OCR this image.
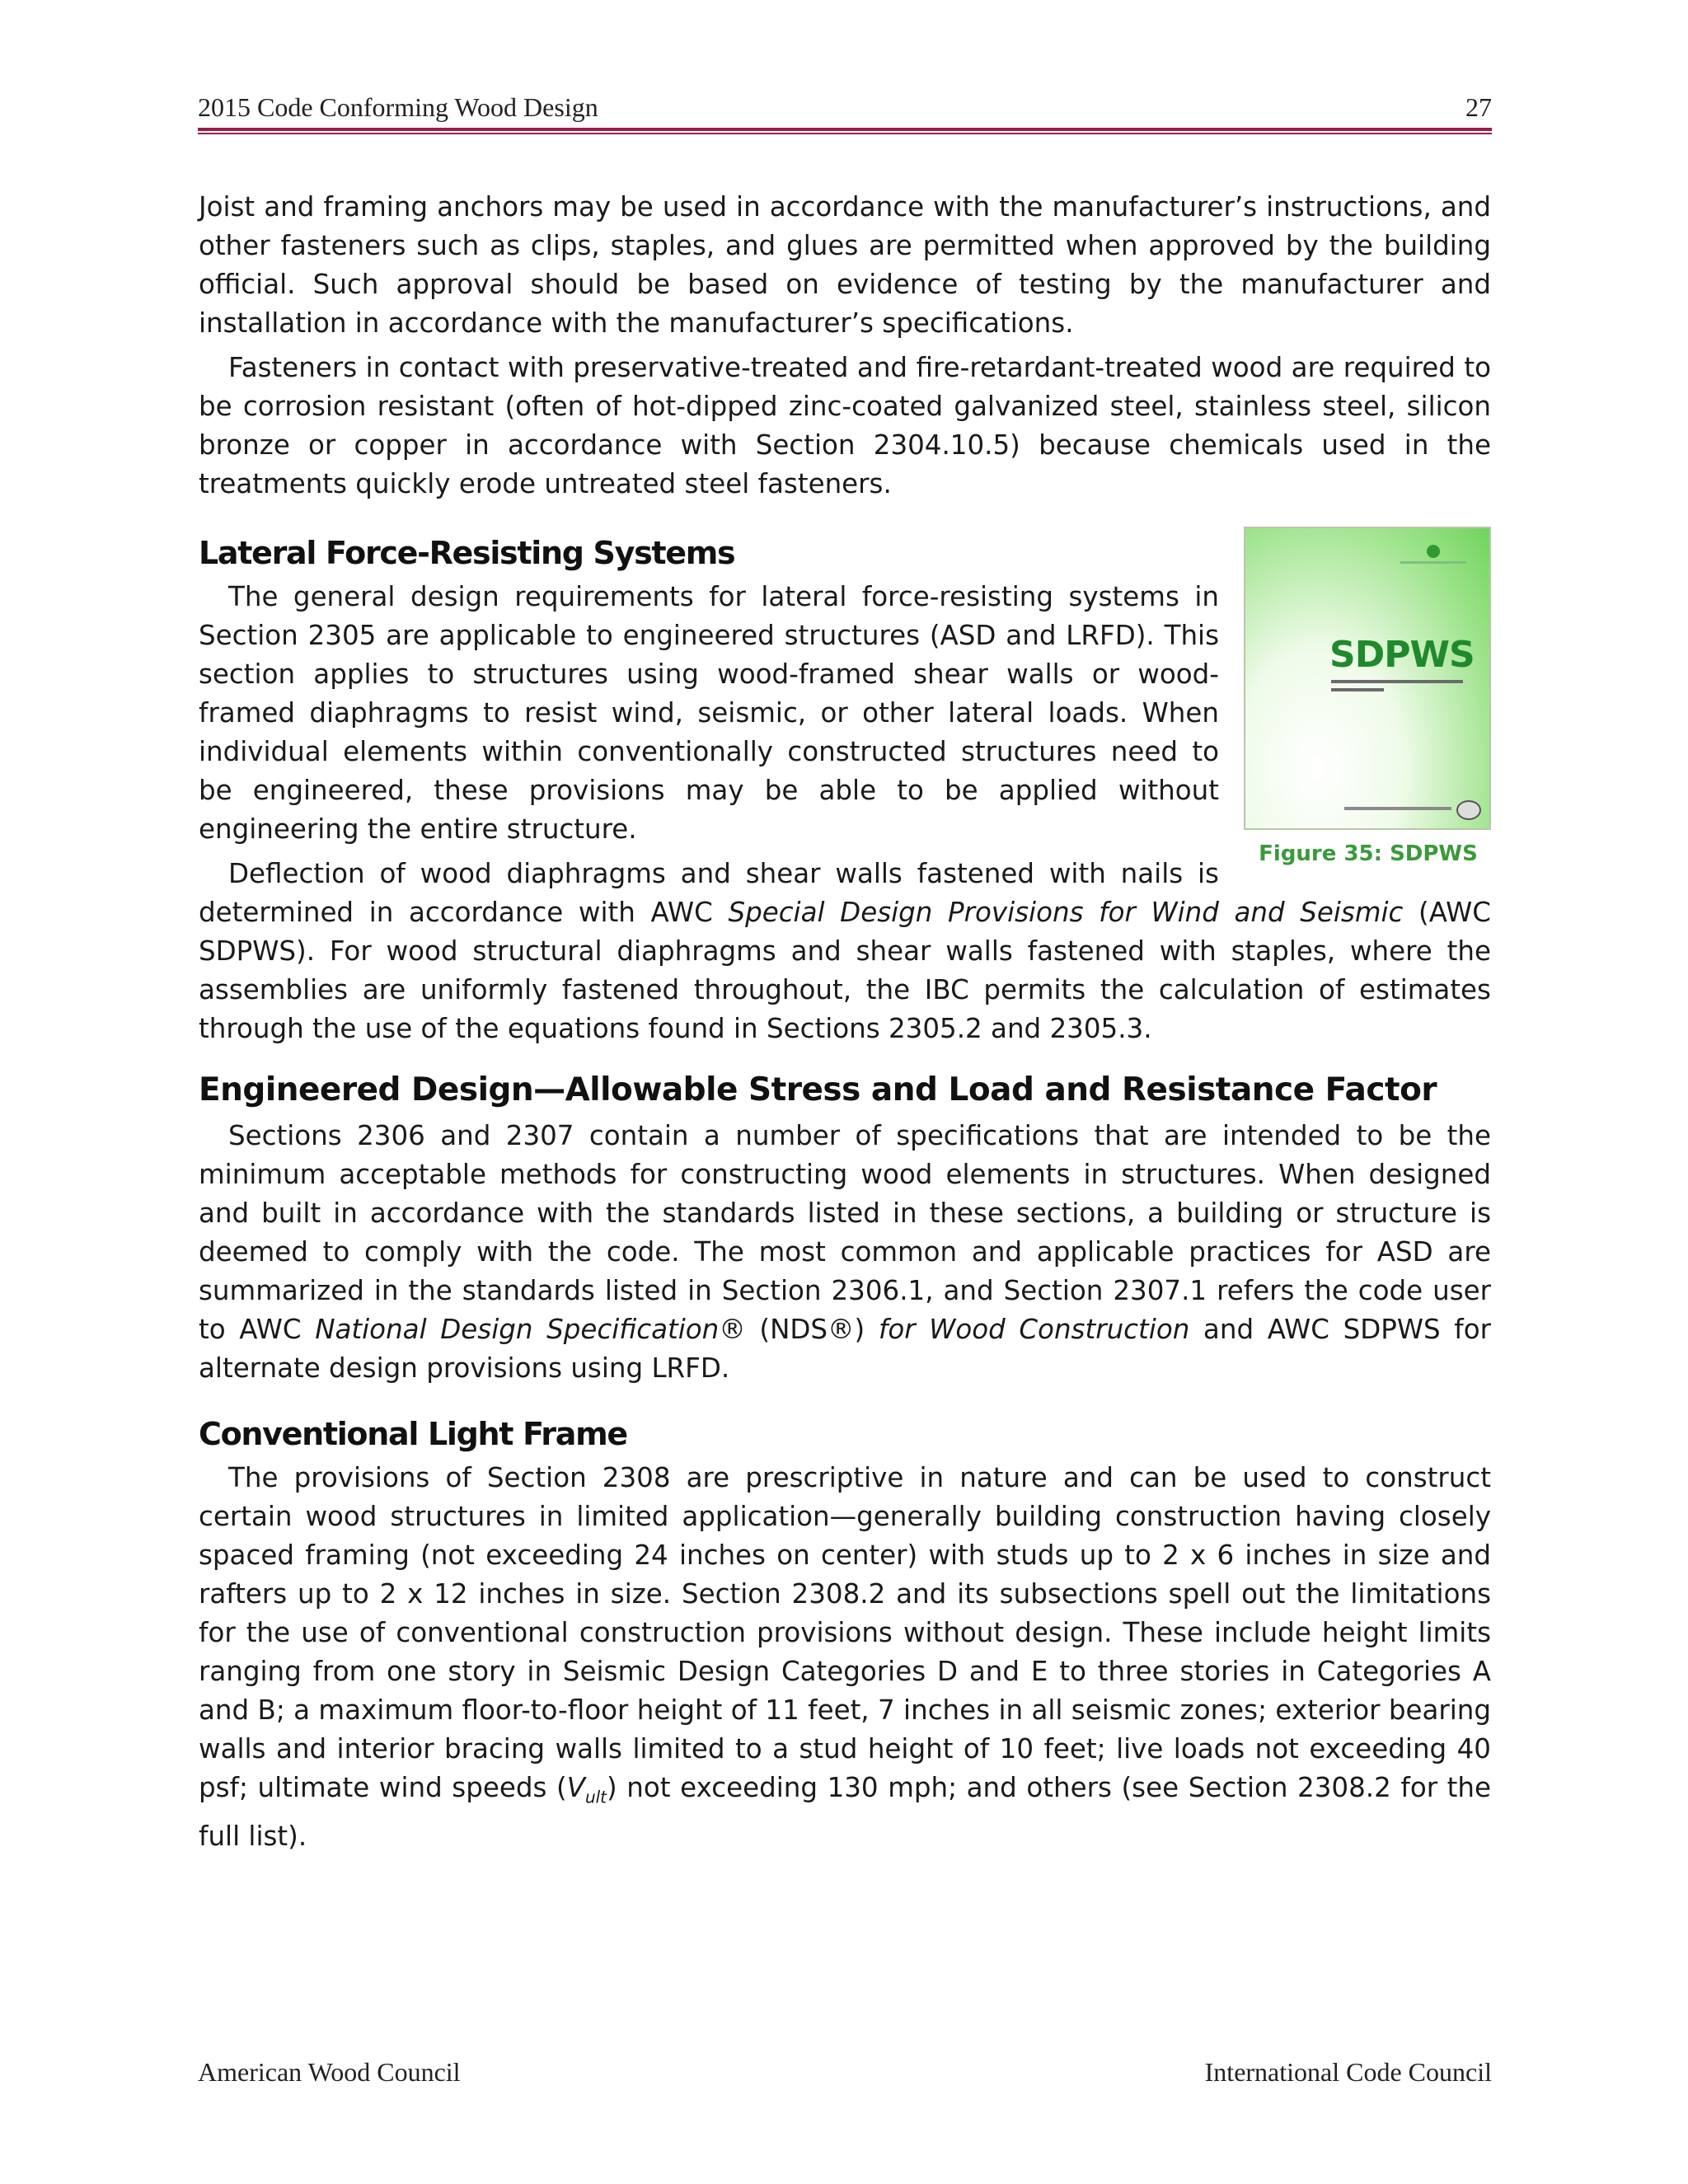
2015 Code Conforming Wood Design	27

Joist and framing anchors may be used in accordance with the manufacturer’s instructions, and other fasteners such as clips, staples, and glues are permitted when approved by the building official. Such approval should be based on evidence of testing by the manufacturer and installation in accordance with the manufacturer’s specifications.

Fasteners in contact with preservative-treated and fire-retardant-treated wood are required to be corrosion resistant (often of hot-dipped zinc-coated galvanized steel, stainless steel, silicon bronze or copper in accordance with Section 2304.10.5) because chemicals used in the treatments quickly erode untreated steel fasteners.

Lateral Force-Resisting Systems
SDPWS
Figure 35: SDPWS

The general design requirements for lateral force-resisting systems in Section 2305 are applicable to engineered structures (ASD and LRFD). This section applies to structures using wood-framed shear walls or wood-framed diaphragms to resist wind, seismic, or other lateral loads. When individual elements within conventionally constructed structures need to be engineered, these provisions may be able to be applied without engineering the entire structure.

Deflection of wood diaphragms and shear walls fastened with nails is determined in accordance with AWC Special Design Provisions for Wind and Seismic (AWC SDPWS). For wood structural diaphragms and shear walls fastened with staples, where the assemblies are uniformly fastened throughout, the IBC permits the calculation of estimates through the use of the equations found in Sections 2305.2 and 2305.3.

Engineered Design—Allowable Stress and Load and Resistance Factor

Sections 2306 and 2307 contain a number of specifications that are intended to be the minimum acceptable methods for constructing wood elements in structures. When designed and built in accordance with the standards listed in these sections, a building or structure is deemed to comply with the code. The most common and applicable practices for ASD are summarized in the standards listed in Section 2306.1, and Section 2307.1 refers the code user to AWC National Design Specification® (NDS®) for Wood Construction and AWC SDPWS for alternate design provisions using LRFD.

Conventional Light Frame

The provisions of Section 2308 are prescriptive in nature and can be used to construct certain wood structures in limited application—generally building construction having closely spaced framing (not exceeding 24 inches on center) with studs up to 2 x 6 inches in size and rafters up to 2 x 12 inches in size. Section 2308.2 and its subsections spell out the limitations for the use of conventional construction provisions without design. These include height limits ranging from one story in Seismic Design Categories D and E to three stories in Categories A and B; a maximum floor-to-floor height of 11 feet, 7 inches in all seismic zones; exterior bearing walls and interior bracing walls limited to a stud height of 10 feet; live loads not exceeding 40 psf; ultimate wind speeds $(V_{ult})$ not exceeding 130 mph; and others (see Section 2308.2 for the full list).

American Wood Council	International Code Council
